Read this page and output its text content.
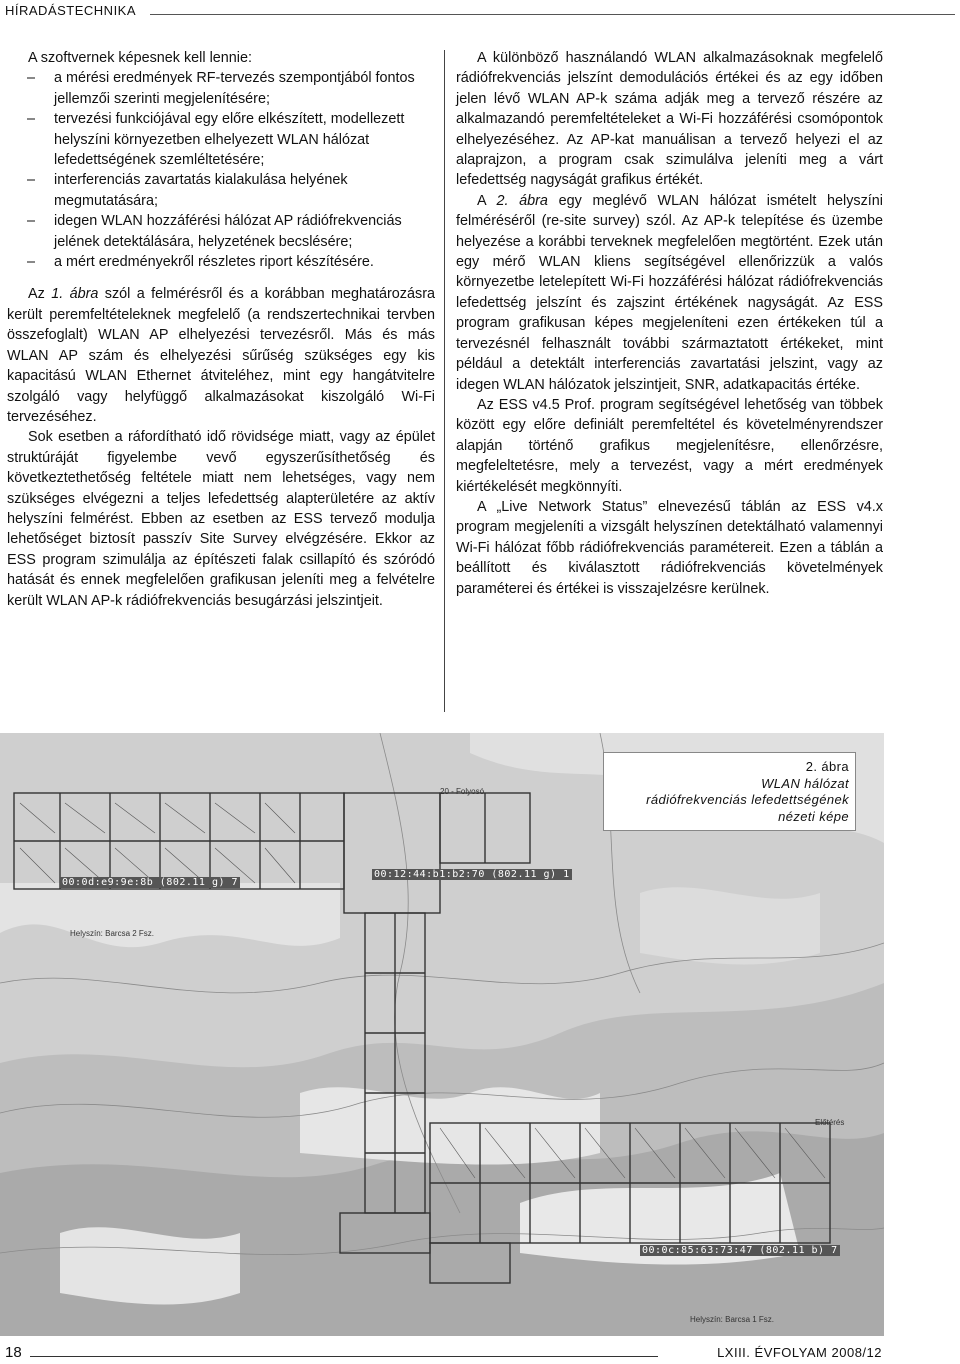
HÍRADÁSTECHNIKA

A szoftvernek képesnek kell lennie:

– a mérési eredmények RF-tervezés szempontjából fontos jellemzői szerinti megjelenítésére;
– tervezési funkciójával egy előre elkészített, modellezett helyszíni környezetben elhelyezett WLAN hálózat lefedettségének szemléltetésére;
– interferenciás zavartatás kialakulása helyének megmutatására;
– idegen WLAN hozzáférési hálózat AP rádiófrekvenciás jelének detektálására, helyzetének becslésére;
– a mért eredményekről részletes riport készítésére.

Az 1. ábra szól a felmérésről és a korábban meghatározásra került peremfeltételeknek megfelelő (a rendszertechnikai tervben összefoglalt) WLAN AP elhelyezési tervezésről. Más és más WLAN AP szám és elhelyezési sűrűség szükséges egy kis kapacitású WLAN Ethernet átviteléhez, mint egy hangátvitelre szolgáló vagy helyfüggő alkalmazásokat kiszolgáló Wi-Fi tervezéséhez.

Sok esetben a ráfordítható idő rövidsége miatt, vagy az épület struktúráját figyelembe vevő egyszerűsíthetőség és következtethetőség feltétele miatt nem lehetséges, vagy nem szükséges elvégezni a teljes lefedettség alapterületére az aktív helyszíni felmérést. Ebben az esetben az ESS tervező modulja lehetőséget biztosít passzív Site Survey elvégzésére. Ekkor az ESS program szimulálja az építészeti falak csillapító és szóródó hatását és ennek megfelelően grafikusan jeleníti meg a felvételre került WLAN AP-k rádiófrekvenciás besugárzási jelszintjeit.

A különböző használandó WLAN alkalmazásoknak megfelelő rádiófrekvenciás jelszínt demodulációs értékei és az egy időben jelen lévő WLAN AP-k száma adják meg a tervező részére az alkalmazandó peremfeltételeket a Wi-Fi hozzáférési csomópontok elhelyezéséhez. Az AP-kat manuálisan a tervező helyezi el az alaprajzon, a program csak szimulálva jeleníti meg a várt lefedettség nagyságát grafikus értékét.

A 2. ábra egy meglévő WLAN hálózat ismételt helyszíni felméréséről (re-site survey) szól. Az AP-k telepítése és üzembe helyezése a korábbi terveknek megfelelően megtörtént. Ezek után egy mérő WLAN kliens segítségével ellenőrizzük a valós környezetbe letelepített Wi-Fi hozzáférési hálózat rádiófrekvenciás lefedettség jelszínt és zajszint értékének nagyságát. Az ESS program grafikusan képes megjeleníteni ezen értékeken túl a tervezésnél felhasznált további származtatott értékeket, mint például a detektált interferenciás zavartatási jelszint, vagy az idegen WLAN hálózatok jelszintjeit, SNR, adatkapacitás értéke.

Az ESS v4.5 Prof. program segítségével lehetőség van többek között egy előre definiált peremfeltétel és követelményrendszer alapján történő grafikus megjelenítésre, ellenőrzésre, megfeleltetésre, mely a tervezést, vagy a mért eredmények kiértékelését megkönnyíti.

A „Live Network Status” elnevezésű táblán az ESS v4.x program megjeleníti a vizsgált helyszínen detektálható valamennyi Wi-Fi hálózat főbb rádiófrekvenciás paramétereit. Ezen a táblán a beállított és kiválasztott rádiófrekvenciás követelmények paraméterei és értékei is visszajelzésre kerülnek.

00:0d:e9:9e:8b (802.11 g) 7
00:12:44:b1:b2:70 (802.11 g) 1
00:0c:85:63:73:47 (802.11 b) 7
Helyszín: Barcsa 2 Fsz.
Helyszín: Barcsa 1 Fsz.
Előtérés
20 - Folyosó
2. ábra
WLAN hálózat
rádiófrekvenciás lefedettségének
nézeti képe
18	LXIII. ÉVFOLYAM 2008/12
